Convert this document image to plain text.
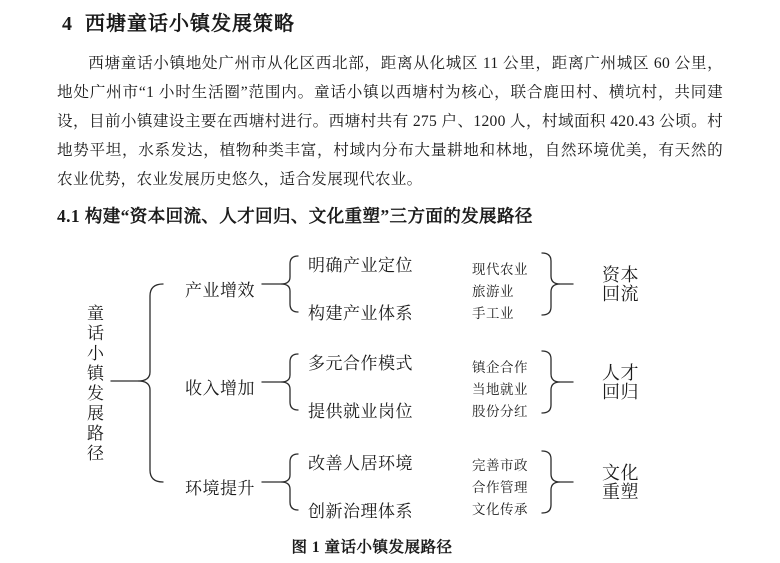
4  西塘童话小镇发展策略

西塘童话小镇地处广州市从化区西北部，距离从化城区 11 公里，距离广州城区 60 公里，地处广州市“1 小时生活圈”范围内。童话小镇以西塘村为核心，联合鹿田村、横坑村，共同建设，目前小镇建设主要在西塘村进行。西塘村共有 275 户、1200 人，村域面积 420.43 公顷。村地势平坦，水系发达，植物种类丰富，村域内分布大量耕地和林地，自然环境优美，有天然的农业优势，农业发展历史悠久，适合发展现代农业。

4.1 构建“资本回流、人才回归、文化重塑”三方面的发展路径
童话小镇发展路径
产业增效
明确产业定位
构建产业体系
现代农业
旅游业
手工业
资本回流
收入增加
多元合作模式
提供就业岗位
镇企合作
当地就业
股份分红
人才回归
环境提升
改善人居环境
创新治理体系
完善市政
合作管理
文化传承
文化重塑
图 1 童话小镇发展路径
